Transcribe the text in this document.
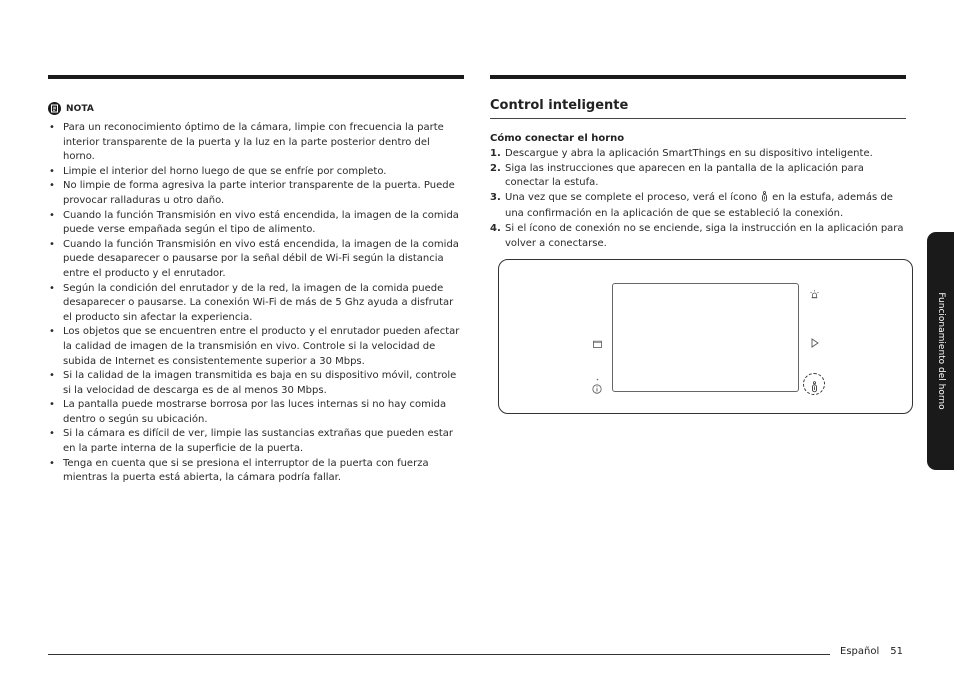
NOTA
• Para un reconocimiento óptimo de la cámara, limpie con frecuencia la parte interior transparente de la puerta y la luz en la parte posterior dentro del horno.
• Limpie el interior del horno luego de que se enfríe por completo.
• No limpie de forma agresiva la parte interior transparente de la puerta. Puede provocar ralladuras u otro daño.
• Cuando la función Transmisión en vivo está encendida, la imagen de la comida puede verse empañada según el tipo de alimento.
• Cuando la función Transmisión en vivo está encendida, la imagen de la comida puede desaparecer o pausarse por la señal débil de Wi-Fi según la distancia entre el producto y el enrutador.
• Según la condición del enrutador y de la red, la imagen de la comida puede desaparecer o pausarse. La conexión Wi-Fi de más de 5 Ghz ayuda a disfrutar el producto sin afectar la experiencia.
• Los objetos que se encuentren entre el producto y el enrutador pueden afectar la calidad de imagen de la transmisión en vivo. Controle si la velocidad de subida de Internet es consistentemente superior a 30 Mbps.
• Si la calidad de la imagen transmitida es baja en su dispositivo móvil, controle si la velocidad de descarga es de al menos 30 Mbps.
• La pantalla puede mostrarse borrosa por las luces internas si no hay comida dentro o según su ubicación.
• Si la cámara es difícil de ver, limpie las sustancias extrañas que pueden estar en la parte interna de la superficie de la puerta.
• Tenga en cuenta que si se presiona el interruptor de la puerta con fuerza mientras la puerta está abierta, la cámara podría fallar.
Control inteligente
Cómo conectar el horno
1. Descargue y abra la aplicación SmartThings en su dispositivo inteligente.
2. Siga las instrucciones que aparecen en la pantalla de la aplicación para conectar la estufa.
3. Una vez que se complete el proceso, verá el ícono en la estufa, además de una confirmación en la aplicación de que se estableció la conexión.
4. Si el ícono de conexión no se enciende, siga la instrucción en la aplicación para volver a conectarse.
Funcionamiento del horno
Español 51
